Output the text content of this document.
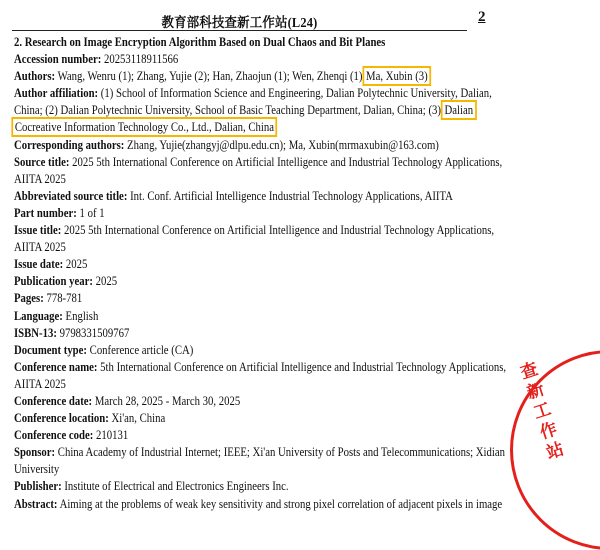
教育部科技查新工作站(L24)	2
2. Research on Image Encryption Algorithm Based on Dual Chaos and Bit Planes
Accession number: 20253118911566
Authors: Wang, Wenru (1); Zhang, Yujie (2); Han, Zhaojun (1); Wen, Zhenqi (1) Ma, Xubin (3)
Author affiliation: (1) School of Information Science and Engineering, Dalian Polytechnic University, Dalian,
China; (2) Dalian Polytechnic University, School of Basic Teaching Department, Dalian, China; (3) Dalian
Cocreative Information Technology Co., Ltd., Dalian, China
Corresponding authors: Zhang, Yujie(zhangyj@dlpu.edu.cn); Ma, Xubin(mrmaxubin@163.com)
Source title: 2025 5th International Conference on Artificial Intelligence and Industrial Technology Applications,
AIITA 2025
Abbreviated source title: Int. Conf. Artificial Intelligence Industrial Technology Applications, AIITA
Part number: 1 of 1
Issue title: 2025 5th International Conference on Artificial Intelligence and Industrial Technology Applications,
AIITA 2025
Issue date: 2025
Publication year: 2025
Pages: 778-781
Language: English
ISBN-13: 9798331509767
Document type: Conference article (CA)
Conference name: 5th International Conference on Artificial Intelligence and Industrial Technology Applications,
AIITA 2025
Conference date: March 28, 2025 - March 30, 2025
Conference location: Xi'an, China
Conference code: 210131
Sponsor: China Academy of Industrial Internet; IEEE; Xi'an University of Posts and Telecommunications; Xidian
University
Publisher: Institute of Electrical and Electronics Engineers Inc.
Abstract: Aiming at the problems of weak key sensitivity and strong pixel correlation of adjacent pixels in image
查新工作站
